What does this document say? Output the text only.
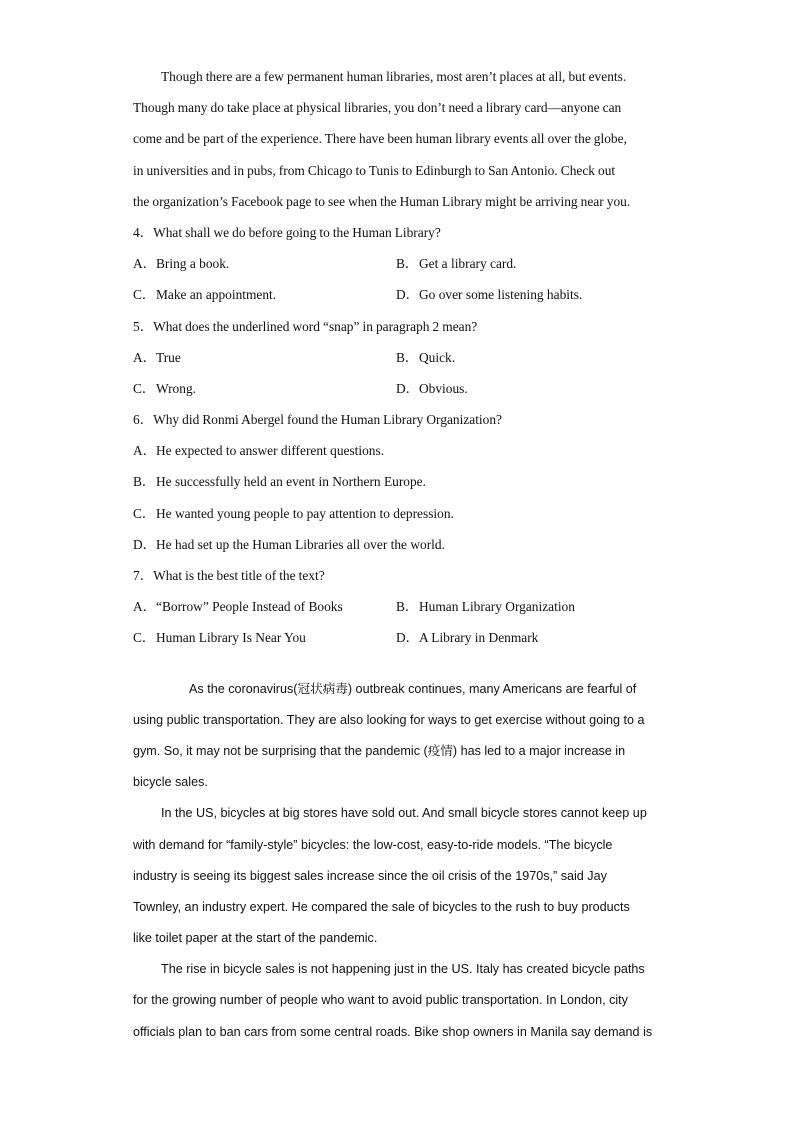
Though there are a few permanent human libraries, most aren’t places at all, but events.
Though many do take place at physical libraries, you don’t need a library card—anyone can
come and be part of the experience. There have been human library events all over the globe,
in universities and in pubs, from Chicago to Tunis to Edinburgh to San Antonio. Check out
the organization’s Facebook page to see when the Human Library might be arriving near you.
4．What shall we do before going to the Human Library?
A． Bring a book.	B． Get a library card.
C． Make an appointment.	D． Go over some listening habits.
5．What does the underlined word “snap” in paragraph 2 mean?
A． True	B． Quick.
C． Wrong.	D． Obvious.
6．Why did Ronmi Abergel found the Human Library Organization?
A． He expected to answer different questions.
B． He successfully held an event in Northern Europe.
C． He wanted young people to pay attention to depression.
D． He had set up the Human Libraries all over the world.
7．What is the best title of the text?
A． “Borrow” People Instead of Books	B． Human Library Organization
C． Human Library Is Near You	D． A Library in Denmark
As the coronavirus(冠状病毒) outbreak continues, many Americans are fearful of
using public transportation. They are also looking for ways to get exercise without going to a
gym. So, it may not be surprising that the pandemic (疫情) has led to a major increase in
bicycle sales.
In the US, bicycles at big stores have sold out. And small bicycle stores cannot keep up
with demand for “family-style” bicycles: the low-cost, easy-to-ride models. “The bicycle
industry is seeing its biggest sales increase since the oil crisis of the 1970s,” said Jay
Townley, an industry expert. He compared the sale of bicycles to the rush to buy products
like toilet paper at the start of the pandemic.
The rise in bicycle sales is not happening just in the US. Italy has created bicycle paths
for the growing number of people who want to avoid public transportation. In London, city
officials plan to ban cars from some central roads. Bike shop owners in Manila say demand is
